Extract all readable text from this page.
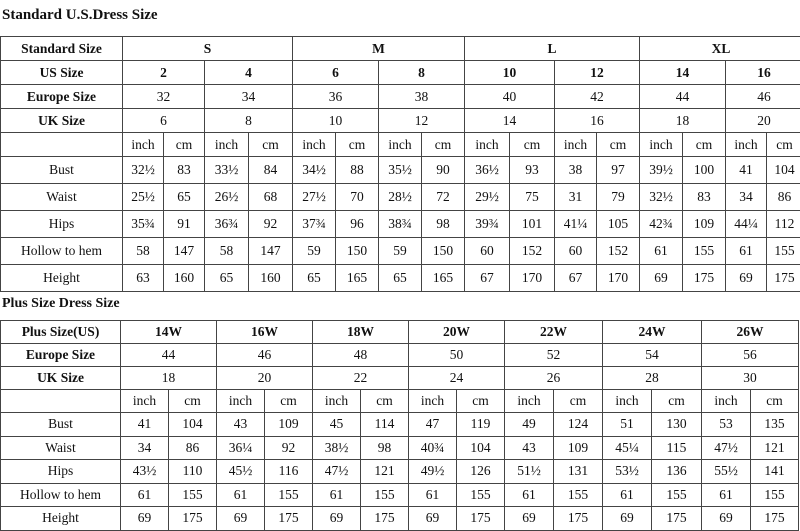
Standard U.S.Dress Size
Standard Size	S				M				L				XL			
US Size	2		4		6		8		10		12		14		16	
Europe Size	32		34		36		38		40		42		44		46	
UK Size	6		8		10		12		14		16		18		20	
	inch	cm	inch	cm	inch	cm	inch	cm	inch	cm	inch	cm	inch	cm	inch	cm
Bust	32½	83	33½	84	34½	88	35½	90	36½	93	38	97	39½	100	41	104
Waist	25½	65	26½	68	27½	70	28½	72	29½	75	31	79	32½	83	34	86
Hips	35¾	91	36¾	92	37¾	96	38¾	98	39¾	101	41¼	105	42¾	109	44¼	112
Hollow to hem	58	147	58	147	59	150	59	150	60	152	60	152	61	155	61	155
Height	63	160	65	160	65	165	65	165	67	170	67	170	69	175	69	175
Plus Size Dress Size
Plus Size(US)	14W		16W		18W		20W		22W		24W		26W	
Europe Size	44		46		48		50		52		54		56	
UK Size	18		20		22		24		26		28		30	
	inch	cm	inch	cm	inch	cm	inch	cm	inch	cm	inch	cm	inch	cm
Bust	41	104	43	109	45	114	47	119	49	124	51	130	53	135
Waist	34	86	36¼	92	38½	98	40¾	104	43	109	45¼	115	47½	121
Hips	43½	110	45½	116	47½	121	49½	126	51½	131	53½	136	55½	141
Hollow to hem	61	155	61	155	61	155	61	155	61	155	61	155	61	155
Height	69	175	69	175	69	175	69	175	69	175	69	175	69	175
